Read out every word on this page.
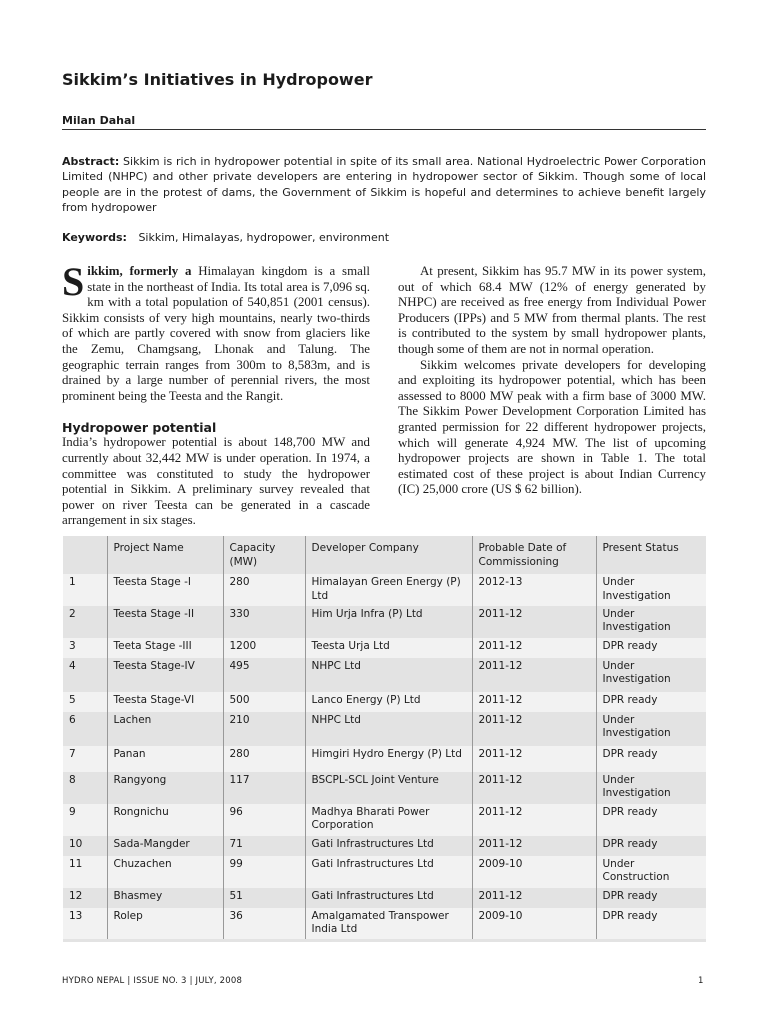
Sikkim’s Initiatives in Hydropower
Milan Dahal
Abstract: Sikkim is rich in hydropower potential in spite of its small area. National Hydroelectric Power Corporation Limited (NHPC) and other private developers are entering in hydropower sector of Sikkim. Though some of local people are in the protest of dams, the Government of Sikkim is hopeful and determines to achieve benefit largely from hydropower
Keywords: Sikkim, Himalayas, hydropower, environment

Sikkim, formerly a Himalayan kingdom is a small state in the northeast of India. Its total area is 7,096 sq. km with a total population of 540,851 (2001 census). Sikkim consists of very high mountains, nearly two-thirds of which are partly covered with snow from glaciers like the Zemu, Chamgsang, Lhonak and Talung. The geographic terrain ranges from 300m to 8,583m, and is drained by a large number of perennial rivers, the most prominent being the Teesta and the Rangit.

Hydropower potential

India’s hydropower potential is about 148,700 MW and currently about 32,442 MW is under operation. In 1974, a committee was constituted to study the hydropower potential in Sikkim. A preliminary survey revealed that power on river Teesta can be generated in a cascade arrangement in six stages.

At present, Sikkim has 95.7 MW in its power system, out of which 68.4 MW (12% of energy generated by NHPC) are received as free energy from Individual Power Producers (IPPs) and 5 MW from thermal plants. The rest is contributed to the system by small hydropower plants, though some of them are not in normal operation.

Sikkim welcomes private developers for developing and exploiting its hydropower potential, which has been assessed to 8000 MW peak with a firm base of 3000 MW. The Sikkim Power Development Corporation Limited has granted permission for 22 different hydropower projects, which will generate 4,924 MW. The list of upcoming hydropower projects are shown in Table 1. The total estimated cost of these project is about Indian Currency (IC) 25,000 crore (US $ 62 billion).

	Project Name	Capacity (MW)	Developer Company	Probable Date of Commissioning	Present Status
1	Teesta Stage -I	280	Himalayan Green Energy (P) Ltd	2012-13	Under Investigation
2	Teesta Stage -II	330	Him Urja Infra (P) Ltd	2011-12	Under Investigation
3	Teeta Stage -III	1200	Teesta Urja Ltd	2011-12	DPR ready
4	Teesta Stage-IV	495	NHPC Ltd	2011-12	Under Investigation
5	Teesta Stage-VI	500	Lanco Energy (P) Ltd	2011-12	DPR ready
6	Lachen	210	NHPC Ltd	2011-12	Under Investigation
7	Panan	280	Himgiri Hydro Energy (P) Ltd	2011-12	DPR ready
8	Rangyong	117	BSCPL-SCL Joint Venture	2011-12	Under Investigation
9	Rongnichu	96	Madhya Bharati Power Corporation	2011-12	DPR ready
10	Sada-Mangder	71	Gati Infrastructures Ltd	2011-12	DPR ready
11	Chuzachen	99	Gati Infrastructures Ltd	2009-10	Under Construction
12	Bhasmey	51	Gati Infrastructures Ltd	2011-12	DPR ready
13	Rolep	36	Amalgamated Transpower India Ltd	2009-10	DPR ready
HYDRO NEPAL | ISSUE NO. 3 | JULY, 2008	1
